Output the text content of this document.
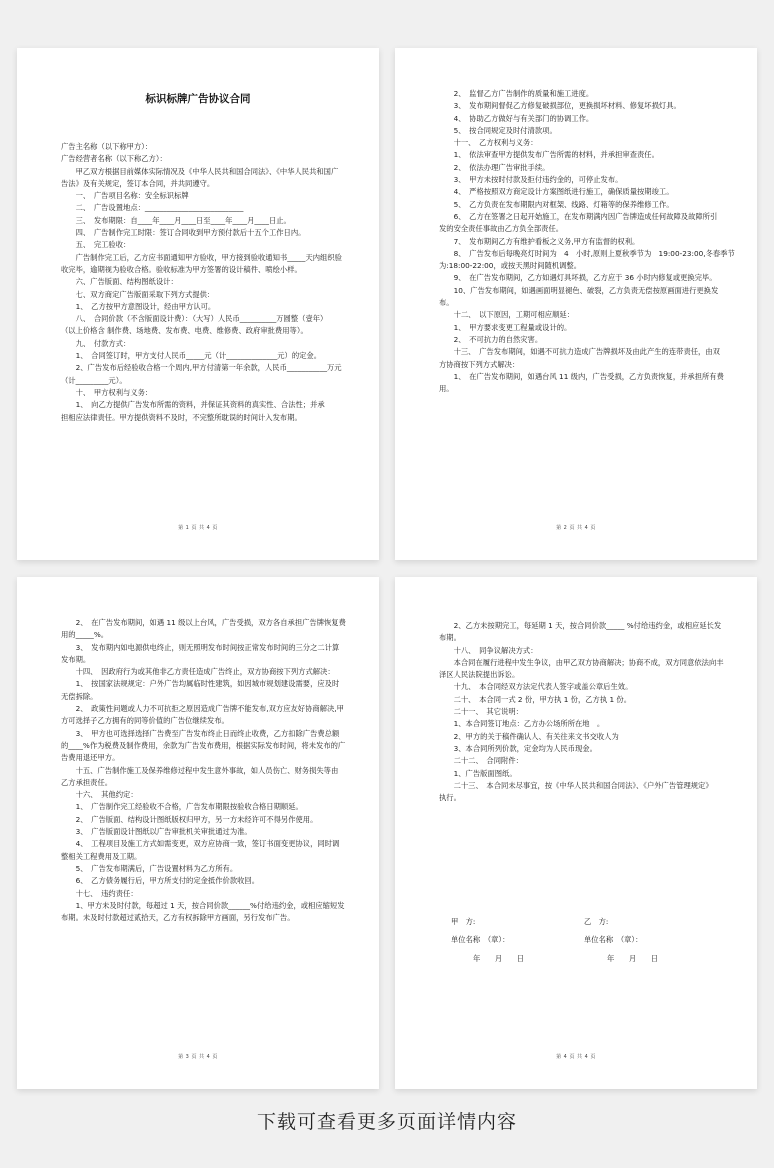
标识标牌广告协议合同
广告主名称（以下称甲方）：
广告经营者名称（以下称乙方）：
　　甲乙双方根据目前媒体实际情况及《中华人民共和国合同法》、《中华人民共和国广
告法》及有关规定，签订本合同，并共同遵守。
　　一、　广告项目名称：安全标识标牌
　　二、　广告设置地点：___________________________
　　三、　发布期限：自____年____月____日至____年____月____日止。
　　四、　广告制作完工时限：签订合同收到甲方预付款后十五个工作日内。
　　五、　完工验收：
　　广告制作完工后，乙方应书面通知甲方验收，甲方接到验收通知书_____天内组织验
收完毕，逾期视为验收合格。验收标准为甲方签署的设计稿件、喷绘小样。
　　六、广告版面、结构图纸设计：
　　七、双方商定广告版面采取下列方式提供：
　　1、　乙方按甲方意图设计，经由甲方认可。
　　八、　合同价款（不含版面设计费）：（大写）人民币__________万圆整（壹年）
（以上价格含 制作费、场地费、发布费、电费、维修费、政府审批费用等）。
　　九、　付款方式：
　　1、　合同签订时，甲方支付人民币_____元（计______________元）的定金。
　　2、广告发布后经验收合格一个周内,甲方付清第一年余款，人民币___________万元
（计_________元）。
　　十、　甲方权利与义务：
　　1、　向乙方提供广告发布所需的资料，并保证其资料的真实性、合法性；并承
担相应法律责任。甲方提供资料不及时，不完整所耽误的时间计入发布期。
第 1 页 共 4 页
　　2、　监督乙方广告制作的质量和施工进度。
　　3、　发布期间督促乙方修复破损部位，更换损坏材料、修复坏损灯具。
　　4、　协助乙方做好与有关部门的协调工作。
　　5、　按合同规定及时付清款项。
　　十一、　乙方权利与义务：
　　1、　依法审查甲方提供发布广告所需的材料，并承担审查责任。
　　2、　依法办理广告审批手续。
　　3、　甲方未按时付款及拒付违约金的，可停止发布。
　　4、　严格按照双方商定设计方案图纸进行施工，确保质量按期竣工。
　　5、　乙方负责在发布期限内对框架、线路、灯箱等的保养维修工作。
　　6、　乙方在签署之日起开始施工，在发布期满内因广告牌造成任何故障及故障所引
发的安全责任事故由乙方负全部责任。
　　7、　发布期间乙方有维护看板之义务,甲方有监督的权利。
　　8、　广告发布后每晚亮灯时间为　4　小时,原则上夏秋季节为　19:00-23:00,冬春季节
为:18:00-22:00，或按天黑时间随机调整。
　　9、　在广告发布期间，乙方如遇灯具坏损，乙方应于 36 小时内修复或更换完毕。
　　10、广告发布期间，如遇画面明显褪色、破裂，乙方负责无偿按原画面进行更换发
布。
　　十二、　以下原因，工期可相应顺延：
　　1、　甲方要求变更工程量或设计的。
　　2、　不可抗力的自然灾害。
　　十三、　广告发布期间，如遇不可抗力造成广告牌损坏及由此产生的连带责任，由双
方协商按下列方式解决：
　　1、　在广告发布期间，如遇台风 11 级内，广告受损，乙方负责恢复，并承担所有费
用。
第 2 页 共 4 页
　　2、　在广告发布期间，如遇 11 级以上台风，广告受损，双方各自承担广告牌恢复费
用的_____%。
　　3、　发布期内如电源供电终止，则无照明发布时间按正常发布时间的三分之二计算
发布期。
　　十四、　因政府行为或其他非乙方责任造成广告终止，双方协商按下列方式解决：
　　1、　按国家法规规定：户外广告均属临时性建筑，如因城市规划建设需要，应及时
无偿拆除。
　　2、　政策性问题或人力不可抗拒之原因造成广告牌不能发布,双方应友好协商解决,甲
方可选择子乙方拥有的同等价值的广告位继续发布。
　　3、　甲方也可选择选择广告费至广告发布终止日而终止收费，乙方扣除广告费总额
的____%作为税费及制作费用，余款为广告发布费用，根据实际发布时间，将未发布的广
告费用退还甲方。
　　十五、广告制作施工及保养维修过程中发生意外事故，如人员伤亡、财务损失等由
乙方承担责任。
　　十六、　其他约定：
　　1、　广告制作完工经验收不合格，广告发布期限按验收合格日期顺延。
　　2、　广告版面、结构设计图纸版权归甲方，另一方未经许可不得另作使用。
　　3、　广告版面设计图纸以广告审批机关审批通过为准。
　　4、　工程项目及施工方式如需变更，双方应协商一致，签订书面变更协议，同时调
整相关工程费用及工期。
　　5、　广告发布期满后，广告设置材料为乙方所有。
　　6、　乙方债务履行后，甲方所支付的定金抵作价款收回。
　　十七、　违约责任：
　　1、甲方未及时付款，每超过 1 天，按合同价款______%付给违约金，或相应缩短发
布期。未及时付款超过贰拾天，乙方有权拆除甲方画面，另行发布广告。
第 3 页 共 4 页
　　2、乙方未按期完工，每延期 1 天，按合同价款_____ %付给违约金，或相应延长发
布期。
　　十八、　同争议解决方式：
　　本合同在履行进程中发生争议，由甲乙双方协商解决；协商不成，双方同意依法向丰
泽区人民法院提出诉讼。
　　十九、　本合同经双方法定代表人签字或盖公章后生效。
　　二十、　本合同一式 2 份，甲方执 1 份，乙方执 1 份。
　　二十一、　其它说明：
　　1、本合同签订地点：乙方办公场所所在地　。
　　2、甲方的关于稿件确认人、有关往来文书交收人为
　　3、本合同所列价款，定金均为人民币现金。
　　二十二、　合同附件：
　　1、广告版面图纸。
　　二十三、　本合同未尽事宜，按《中华人民共和国合同法》、《户外广告管理规定》
执行。
甲　方:	乙　方:
单位名称　（章）：	单位名称　（章）：
年　　月　　日	年　　月　　日
第 4 页 共 4 页
下载可查看更多页面详情内容
